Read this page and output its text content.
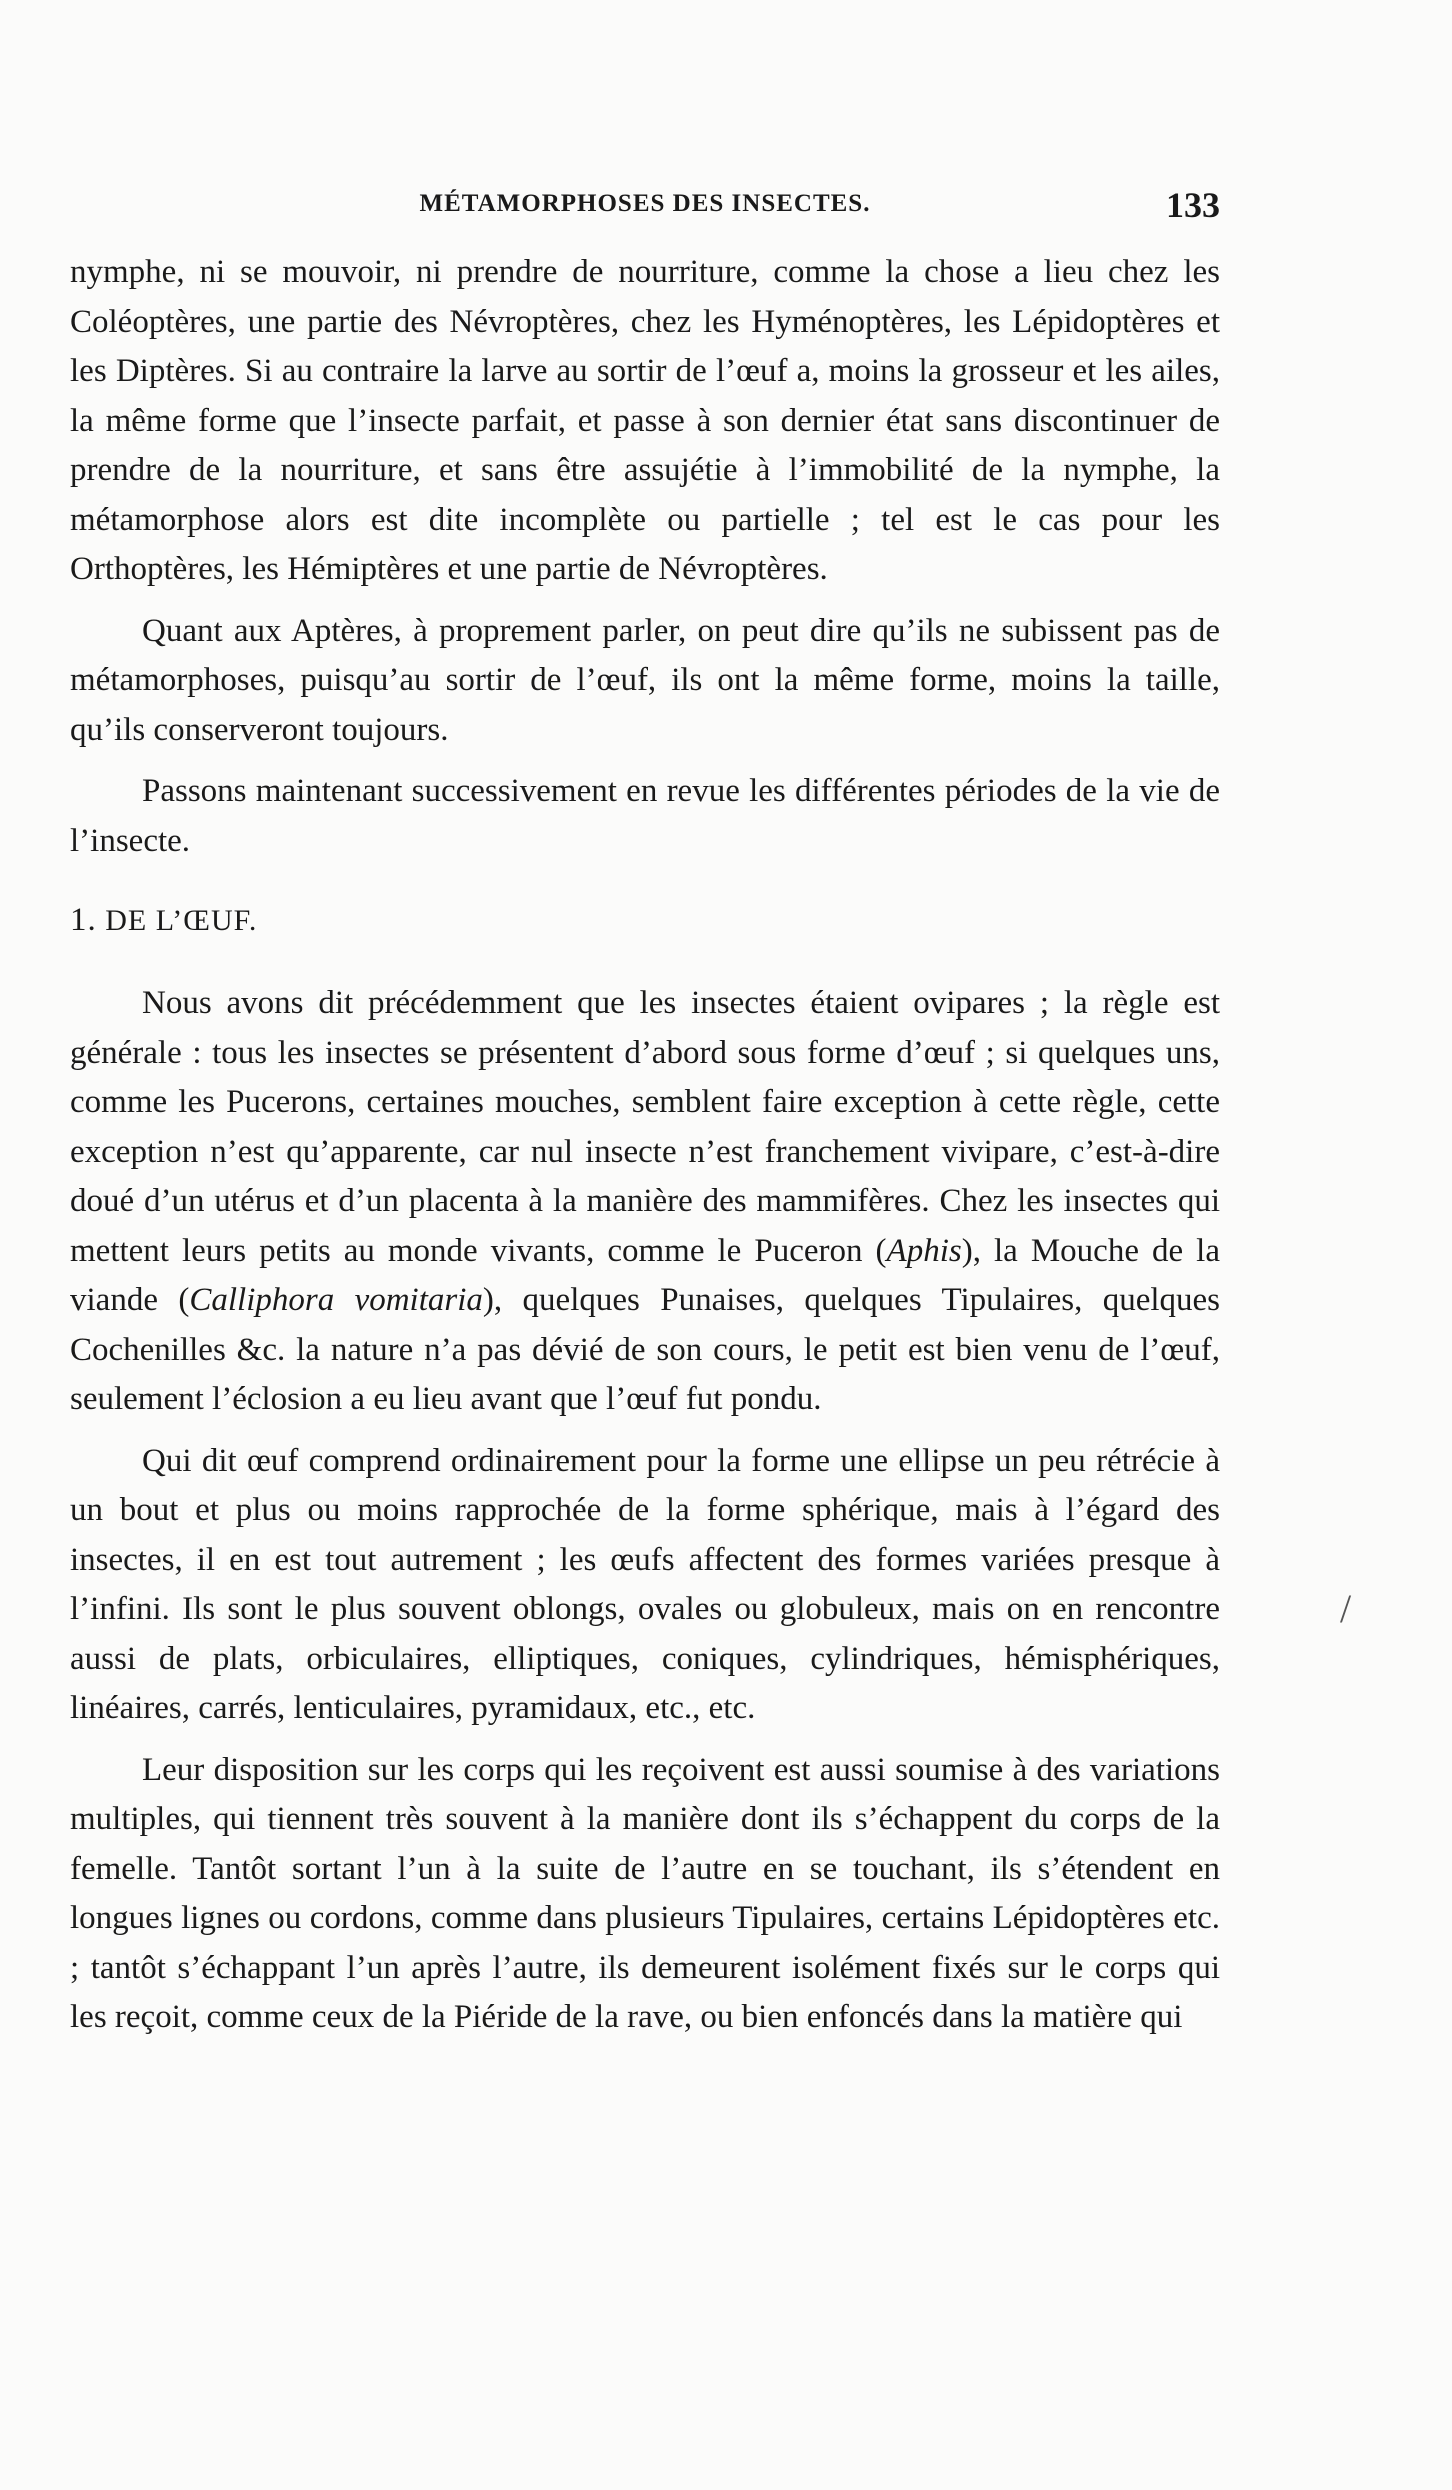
MÉTAMORPHOSES DES INSECTES.	133

nymphe, ni se mouvoir, ni prendre de nourriture, comme la chose a lieu chez les Coléoptères, une partie des Névroptères, chez les Hyménoptères, les Lépidoptères et les Diptères. Si au contraire la larve au sortir de l’œuf a, moins la grosseur et les ailes, la même forme que l’insecte parfait, et passe à son dernier état sans discontinuer de prendre de la nourriture, et sans être assujétie à l’immobilité de la nymphe, la métamorphose alors est dite incomplète ou partielle ; tel est le cas pour les Orthoptères, les Hémiptères et une partie de Névroptères.

Quant aux Aptères, à proprement parler, on peut dire qu’ils ne subissent pas de métamorphoses, puisqu’au sortir de l’œuf, ils ont la même forme, moins la taille, qu’ils conserveront toujours.

Passons maintenant successivement en revue les différentes périodes de la vie de l’insecte.

1. DE L’ŒUF.

Nous avons dit précédemment que les insectes étaient ovipares ; la règle est générale : tous les insectes se présentent d’abord sous forme d’œuf ; si quelques uns, comme les Pucerons, certaines mouches, semblent faire exception à cette règle, cette exception n’est qu’apparente, car nul insecte n’est franchement vivipare, c’est-à-dire doué d’un utérus et d’un placenta à la manière des mammifères. Chez les insectes qui mettent leurs petits au monde vivants, comme le Puceron (Aphis), la Mouche de la viande (Calliphora vomitaria), quelques Punaises, quelques Tipulaires, quelques Cochenilles &c. la nature n’a pas dévié de son cours, le petit est bien venu de l’œuf, seulement l’éclosion a eu lieu avant que l’œuf fut pondu.

Qui dit œuf comprend ordinairement pour la forme une ellipse un peu rétrécie à un bout et plus ou moins rapprochée de la forme sphérique, mais à l’égard des insectes, il en est tout autrement ; les œufs affectent des formes variées presque à l’infini. Ils sont le plus souvent oblongs, ovales ou globuleux, mais on en rencontre aussi de plats, orbiculaires, elliptiques, coniques, cylindriques, hémisphériques, linéaires, carrés, lenticulaires, pyramidaux, etc., etc.

Leur disposition sur les corps qui les reçoivent est aussi soumise à des variations multiples, qui tiennent très souvent à la manière dont ils s’échappent du corps de la femelle. Tantôt sortant l’un à la suite de l’autre en se touchant, ils s’étendent en longues lignes ou cordons, comme dans plusieurs Tipulaires, certains Lépidoptères etc. ; tantôt s’échappant l’un après l’autre, ils demeurent isolément fixés sur le corps qui les reçoit, comme ceux de la Piéride de la rave, ou bien enfoncés dans la matière qui

/
